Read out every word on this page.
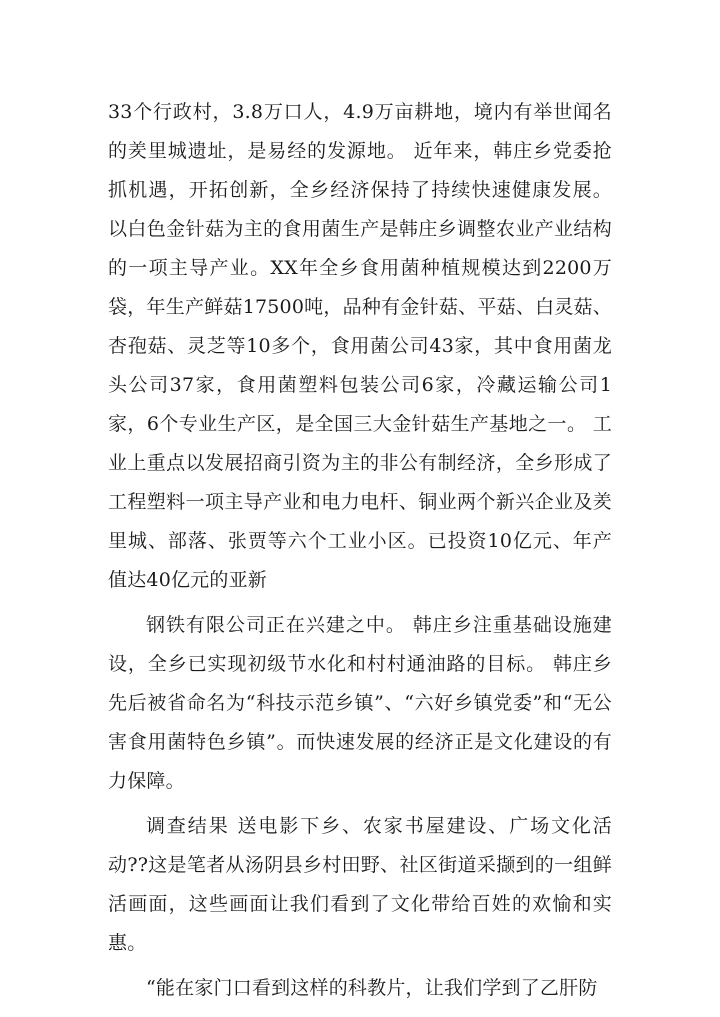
33个行政村，3.8万口人，4.9万亩耕地，境内有举世闻名的羑里城遗址，是易经的发源地。 近年来，韩庄乡党委抢抓机遇，开拓创新，全乡经济保持了持续快速健康发展。 以白色金针菇为主的食用菌生产是韩庄乡调整农业产业结构的一项主导产业。XX年全乡食用菌种植规模达到2200万袋，年生产鲜菇17500吨，品种有金针菇、平菇、白灵菇、杏孢菇、灵芝等10多个，食用菌公司43家，其中食用菌龙头公司37家，食用菌塑料包装公司6家，冷藏运输公司1家，6个专业生产区，是全国三大金针菇生产基地之一。 工业上重点以发展招商引资为主的非公有制经济，全乡形成了工程塑料一项主导产业和电力电杆、铜业两个新兴企业及羑里城、部落、张贾等六个工业小区。已投资10亿元、年产值达40亿元的亚新

钢铁有限公司正在兴建之中。 韩庄乡注重基础设施建设，全乡已实现初级节水化和村村通油路的目标。 韩庄乡先后被省命名为“科技示范乡镇”、“六好乡镇党委”和“无公害食用菌特色乡镇”。而快速发展的经济正是文化建设的有力保障。

调查结果 送电影下乡、农家书屋建设、广场文化活动??这是笔者从汤阴县乡村田野、社区街道采撷到的一组鲜活画面，这些画面让我们看到了文化带给百姓的欢愉和实惠。

“能在家门口看到这样的科教片，让我们学到了乙肝防
